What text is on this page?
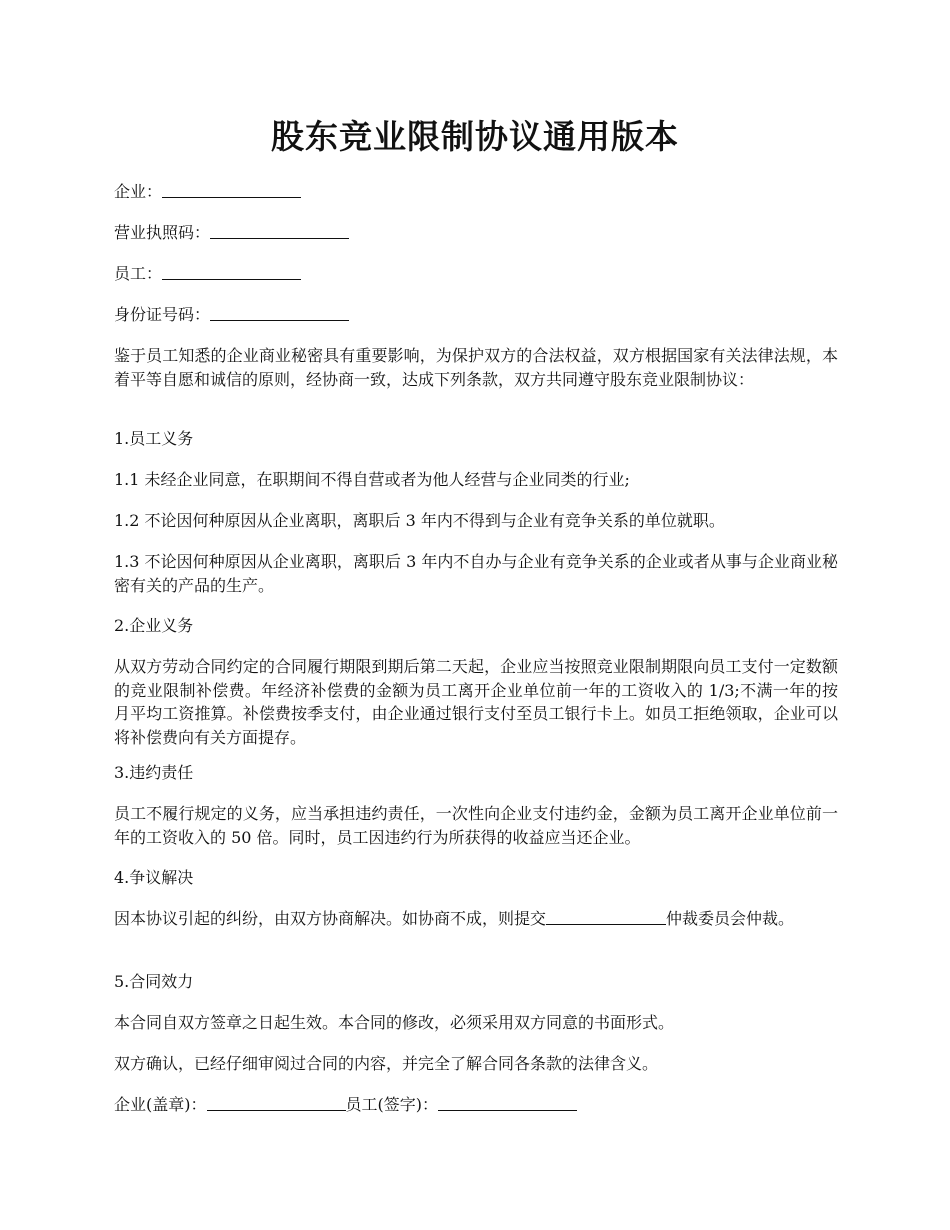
股东竞业限制协议通用版本

企业：

营业执照码：

员工：

身份证号码：

鉴于员工知悉的企业商业秘密具有重要影响，为保护双方的合法权益，双方根据国家有关法律法规，本着平等自愿和诚信的原则，经协商一致，达成下列条款，双方共同遵守股东竞业限制协议：

1.员工义务

1.1 未经企业同意，在职期间不得自营或者为他人经营与企业同类的行业;

1.2 不论因何种原因从企业离职，离职后 3 年内不得到与企业有竞争关系的单位就职。

1.3 不论因何种原因从企业离职，离职后 3 年内不自办与企业有竞争关系的企业或者从事与企业商业秘密有关的产品的生产。

2.企业义务

从双方劳动合同约定的合同履行期限到期后第二天起，企业应当按照竞业限制期限向员工支付一定数额的竞业限制补偿费。年经济补偿费的金额为员工离开企业单位前一年的工资收入的 1/3;不满一年的按月平均工资推算。补偿费按季支付，由企业通过银行支付至员工银行卡上。如员工拒绝领取，企业可以将补偿费向有关方面提存。

3.违约责任

员工不履行规定的义务，应当承担违约责任，一次性向企业支付违约金，金额为员工离开企业单位前一年的工资收入的 50 倍。同时，员工因违约行为所获得的收益应当还企业。

4.争议解决

因本协议引起的纠纷，由双方协商解决。如协商不成，则提交	仲裁委员会仲裁。

5.合同效力

本合同自双方签章之日起生效。本合同的修改，必须采用双方同意的书面形式。

双方确认，已经仔细审阅过合同的内容，并完全了解合同各条款的法律含义。

企业(盖章)：	员工(签字)：
